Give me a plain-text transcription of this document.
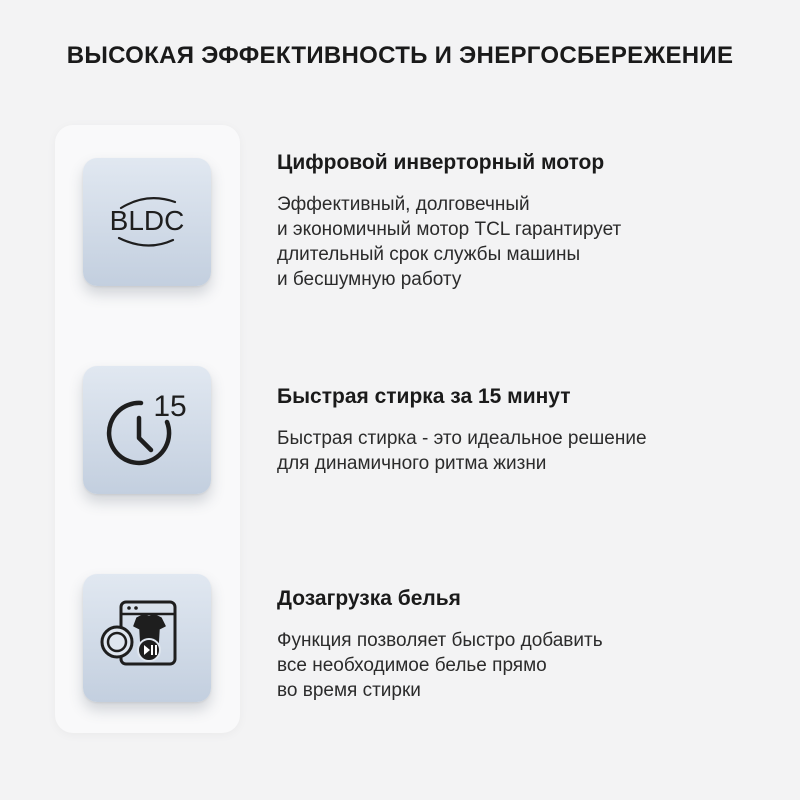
ВЫСОКАЯ ЭФФЕКТИВНОСТЬ И ЭНЕРГОСБЕРЕЖЕНИЕ
BLDC
15
Цифровой инверторный мотор

Эффективный, долговечный
и экономичный мотор TCL гарантирует
длительный срок службы машины
и бесшумную работу

Быстрая стирка за 15 минут

Быстрая стирка - это идеальное решение
для динамичного ритма жизни

Дозагрузка белья

Функция позволяет быстро добавить
все необходимое белье прямо
во время стирки
